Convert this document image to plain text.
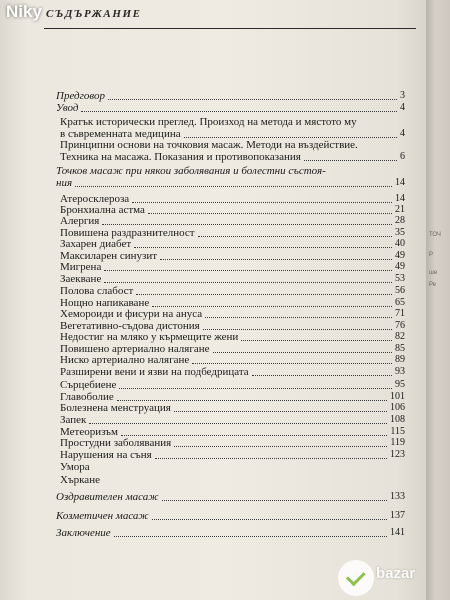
ТОЧ
Р
ше
Ре
Niky СЪДЪРЖАНИЕ
Предговор	3
Увод	4
Кратък исторически преглед. Произход на метода и мястото му
в съвременната медицина	4
Принципни основи на точковия масаж. Методи на въздействие.
Техника на масажа. Показания и противопоказания	6
Точков масаж при някои заболявания и болестни състоя-
ния	14
Атеросклероза	14
Бронхиална астма	21
Алергия	28
Повишена раздразнителност	35
Захарен диабет	40
Максиларен синузит	49
Мигрена	49
Заекване	53
Полова слабост	56
Нощно напикаване	65
Хемороиди и фисури на ануса	71
Вегетативно-съдова дистония	76
Недостиг на мляко у кърмещите жени	82
Повишено артериално налягане	85
Ниско артериално налягане	89
Разширени вени и язви на подбедрицата	93
Сърцебиене	95
Главоболие	101
Болезнена менструация	106
Запек	108
Метеоризъм	115
Простудни заболявания	119
Нарушения на съня	123
Умора
Хъркане
Оздравителен масаж	133
Козметичен масаж	137
Заключение	141
bazar
